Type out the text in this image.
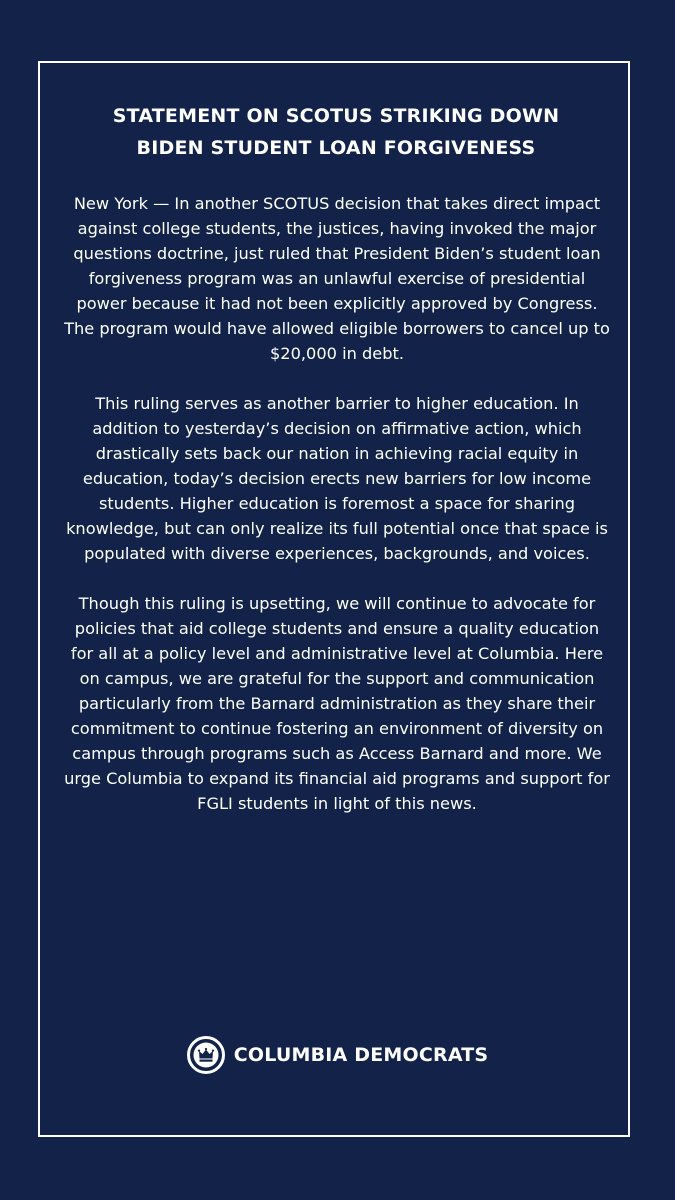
STATEMENT ON SCOTUS STRIKING DOWN
BIDEN STUDENT LOAN FORGIVENESS

New York — In another SCOTUS decision that takes direct impact against college students, the justices, having invoked the major questions doctrine, just ruled that President Biden’s student loan forgiveness program was an unlawful exercise of presidential power because it had not been explicitly approved by Congress. The program would have allowed eligible borrowers to cancel up to $20,000 in debt.

This ruling serves as another barrier to higher education. In addition to yesterday’s decision on affirmative action, which drastically sets back our nation in achieving racial equity in education, today’s decision erects new barriers for low income students. Higher education is foremost a space for sharing knowledge, but can only realize its full potential once that space is populated with diverse experiences, backgrounds, and voices.

Though this ruling is upsetting, we will continue to advocate for policies that aid college students and ensure a quality education for all at a policy level and administrative level at Columbia. Here on campus, we are grateful for the support and communication particularly from the Barnard administration as they share their commitment to continue fostering an environment of diversity on campus through programs such as Access Barnard and more. We urge Columbia to expand its financial aid programs and support for FGLI students in light of this news.

COLUMBIA DEMOCRATS
